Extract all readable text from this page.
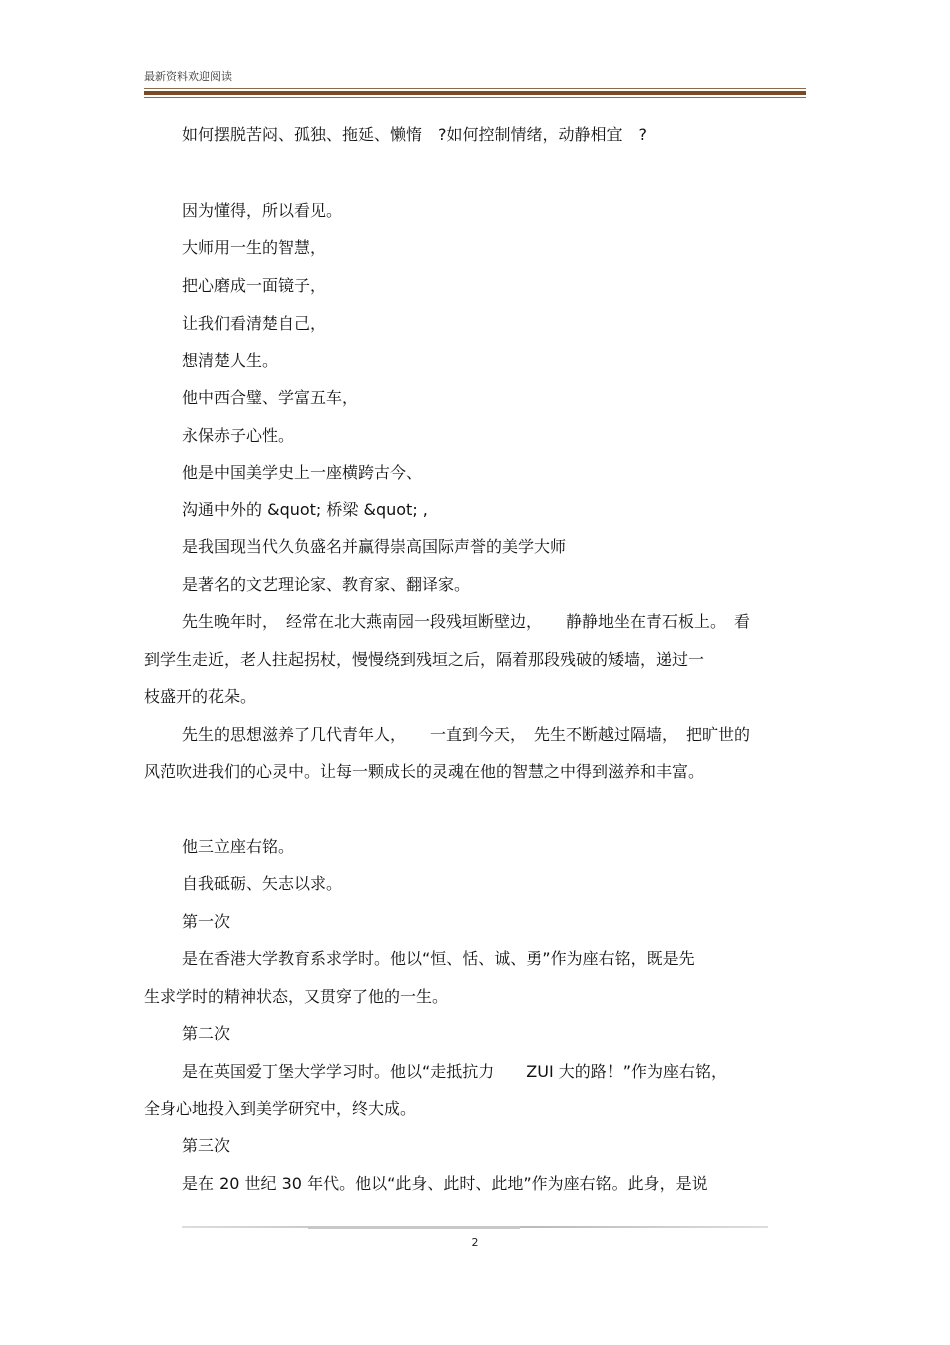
最新资料欢迎阅读
如何摆脱苦闷、孤独、拖延、懒惰　?如何控制情绪，动静相宜　?
因为懂得，所以看见。
大师用一生的智慧，
把心磨成一面镜子，
让我们看清楚自己，
想清楚人生。
他中西合璧、学富五车，
永保赤子心性。
他是中国美学史上一座横跨古今、
沟通中外的 &quot; 桥梁 &quot; ,
是我国现当代久负盛名并赢得崇高国际声誉的美学大师
是著名的文艺理论家、教育家、翻译家。
先生晚年时，　经常在北大燕南园一段残垣断壁边，　　静静地坐在青石板上。　看
到学生走近，老人拄起拐杖，慢慢绕到残垣之后，隔着那段残破的矮墙，递过一
枝盛开的花朵。
先生的思想滋养了几代青年人，　　一直到今天，　先生不断越过隔墙，　把旷世的
风范吹进我们的心灵中。让每一颗成长的灵魂在他的智慧之中得到滋养和丰富。
他三立座右铭。
自我砥砺、矢志以求。
第一次
是在香港大学教育系求学时。他以“恒、恬、诚、勇”作为座右铭，既是先
生求学时的精神状态，又贯穿了他的一生。
第二次
是在英国爱丁堡大学学习时。他以“走抵抗力　　ZUI 大的路！”作为座右铭，
全身心地投入到美学研究中，终大成。
第三次
是在 20 世纪 30 年代。他以“此身、此时、此地”作为座右铭。此身，是说
2
